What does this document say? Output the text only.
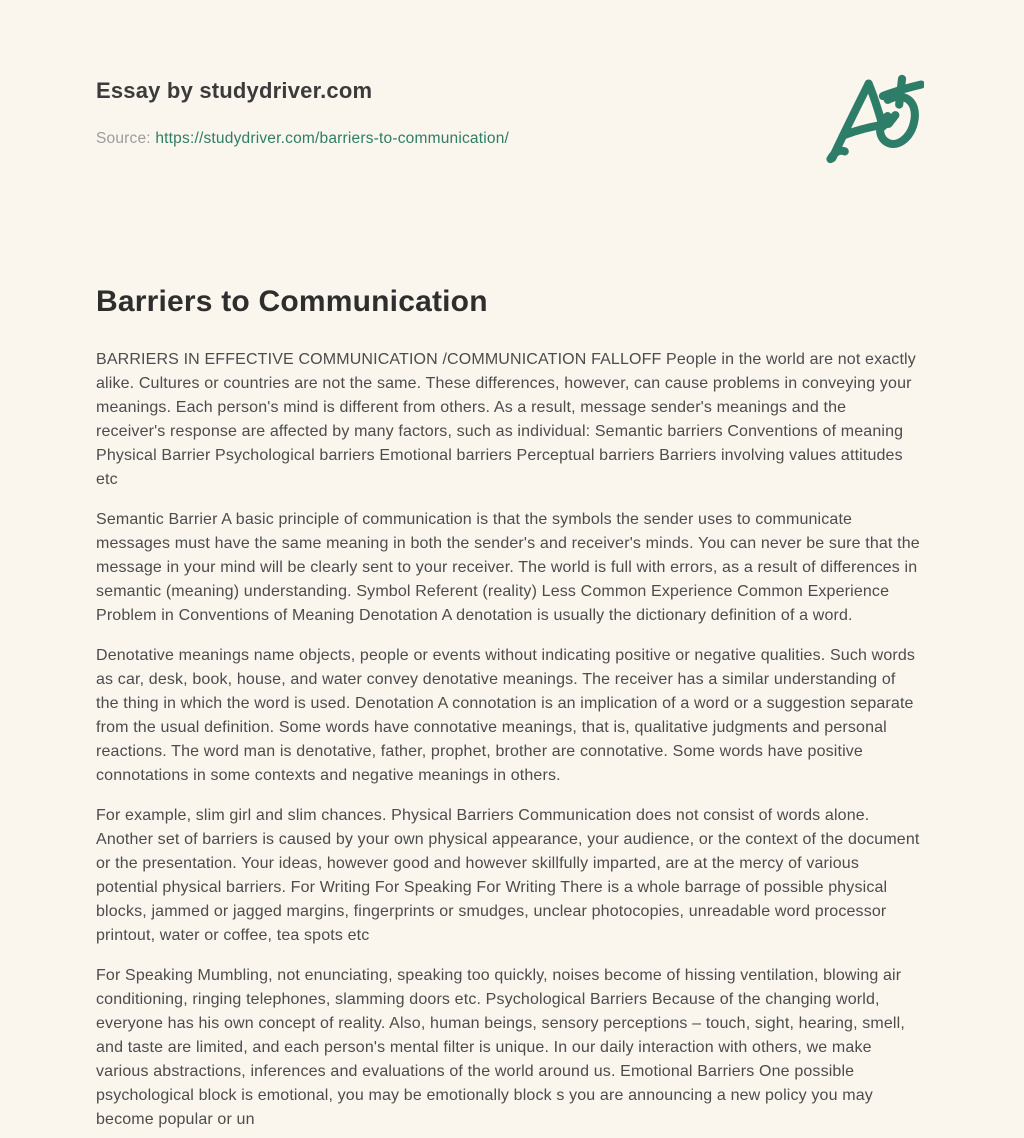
Essay by studydriver.com
Source: https://studydriver.com/barriers-to-communication/
Barriers to Communication

BARRIERS IN EFFECTIVE COMMUNICATION /COMMUNICATION FALLOFF People in the world are not exactly alike. Cultures or countries are not the same. These differences, however, can cause problems in conveying your meanings. Each person's mind is different from others. As a result, message sender's meanings and the receiver's response are affected by many factors, such as individual: Semantic barriers Conventions of meaning Physical Barrier Psychological barriers Emotional barriers Perceptual barriers Barriers involving values attitudes etc

Semantic Barrier A basic principle of communication is that the symbols the sender uses to communicate messages must have the same meaning in both the sender's and receiver's minds. You can never be sure that the message in your mind will be clearly sent to your receiver. The world is full with errors, as a result of differences in semantic (meaning) understanding. Symbol Referent (reality) Less Common Experience Common Experience Problem in Conventions of Meaning Denotation A denotation is usually the dictionary definition of a word.

Denotative meanings name objects, people or events without indicating positive or negative qualities. Such words as car, desk, book, house, and water convey denotative meanings. The receiver has a similar understanding of the thing in which the word is used. Denotation A connotation is an implication of a word or a suggestion separate from the usual definition. Some words have connotative meanings, that is, qualitative judgments and personal reactions. The word man is denotative, father, prophet, brother are connotative. Some words have positive connotations in some contexts and negative meanings in others.

For example, slim girl and slim chances. Physical Barriers Communication does not consist of words alone. Another set of barriers is caused by your own physical appearance, your audience, or the context of the document or the presentation. Your ideas, however good and however skillfully imparted, are at the mercy of various potential physical barriers. For Writing For Speaking For Writing There is a whole barrage of possible physical blocks, jammed or jagged margins, fingerprints or smudges, unclear photocopies, unreadable word processor printout, water or coffee, tea spots etc

For Speaking Mumbling, not enunciating, speaking too quickly, noises become of hissing ventilation, blowing air conditioning, ringing telephones, slamming doors etc. Psychological Barriers Because of the changing world, everyone has his own concept of reality. Also, human beings, sensory perceptions – touch, sight, hearing, smell, and taste are limited, and each person's mental filter is unique. In our daily interaction with others, we make various abstractions, inferences and evaluations of the world around us. Emotional Barriers One possible psychological block is emotional, you may be emotionally block s you are announcing a new policy you may become popular or un
